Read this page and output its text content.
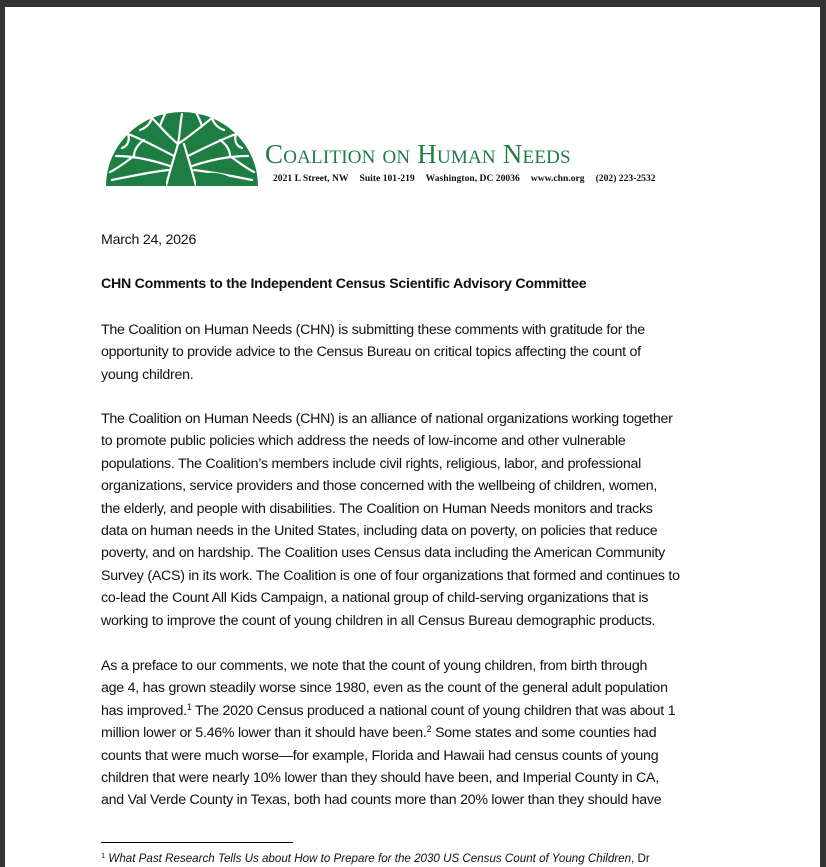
Coalition on Human Needs
2021 L Street, NW Suite 101-219 Washington, DC 20036 www.chn.org (202) 223-2532
March 24, 2026
CHN Comments to the Independent Census Scientific Advisory Committee
The Coalition on Human Needs (CHN) is submitting these comments with gratitude for the
opportunity to provide advice to the Census Bureau on critical topics affecting the count of
young children.
The Coalition on Human Needs (CHN) is an alliance of national organizations working together
to promote public policies which address the needs of low-income and other vulnerable
populations. The Coalition’s members include civil rights, religious, labor, and professional
organizations, service providers and those concerned with the wellbeing of children, women,
the elderly, and people with disabilities. The Coalition on Human Needs monitors and tracks
data on human needs in the United States, including data on poverty, on policies that reduce
poverty, and on hardship. The Coalition uses Census data including the American Community
Survey (ACS) in its work. The Coalition is one of four organizations that formed and continues to
co-lead the Count All Kids Campaign, a national group of child-serving organizations that is
working to improve the count of young children in all Census Bureau demographic products.
As a preface to our comments, we note that the count of young children, from birth through
age 4, has grown steadily worse since 1980, even as the count of the general adult population
has improved.$^1$ The 2020 Census produced a national count of young children that was about 1
million lower or 5.46% lower than it should have been.$^2$ Some states and some counties had
counts that were much worse—for example, Florida and Hawaii had census counts of young
children that were nearly 10% lower than they should have been, and Imperial County in CA,
and Val Verde County in Texas, both had counts more than 20% lower than they should have
$^1$ What Past Research Tells Us about How to Prepare for the 2030 US Census Count of Young Children, Dr
